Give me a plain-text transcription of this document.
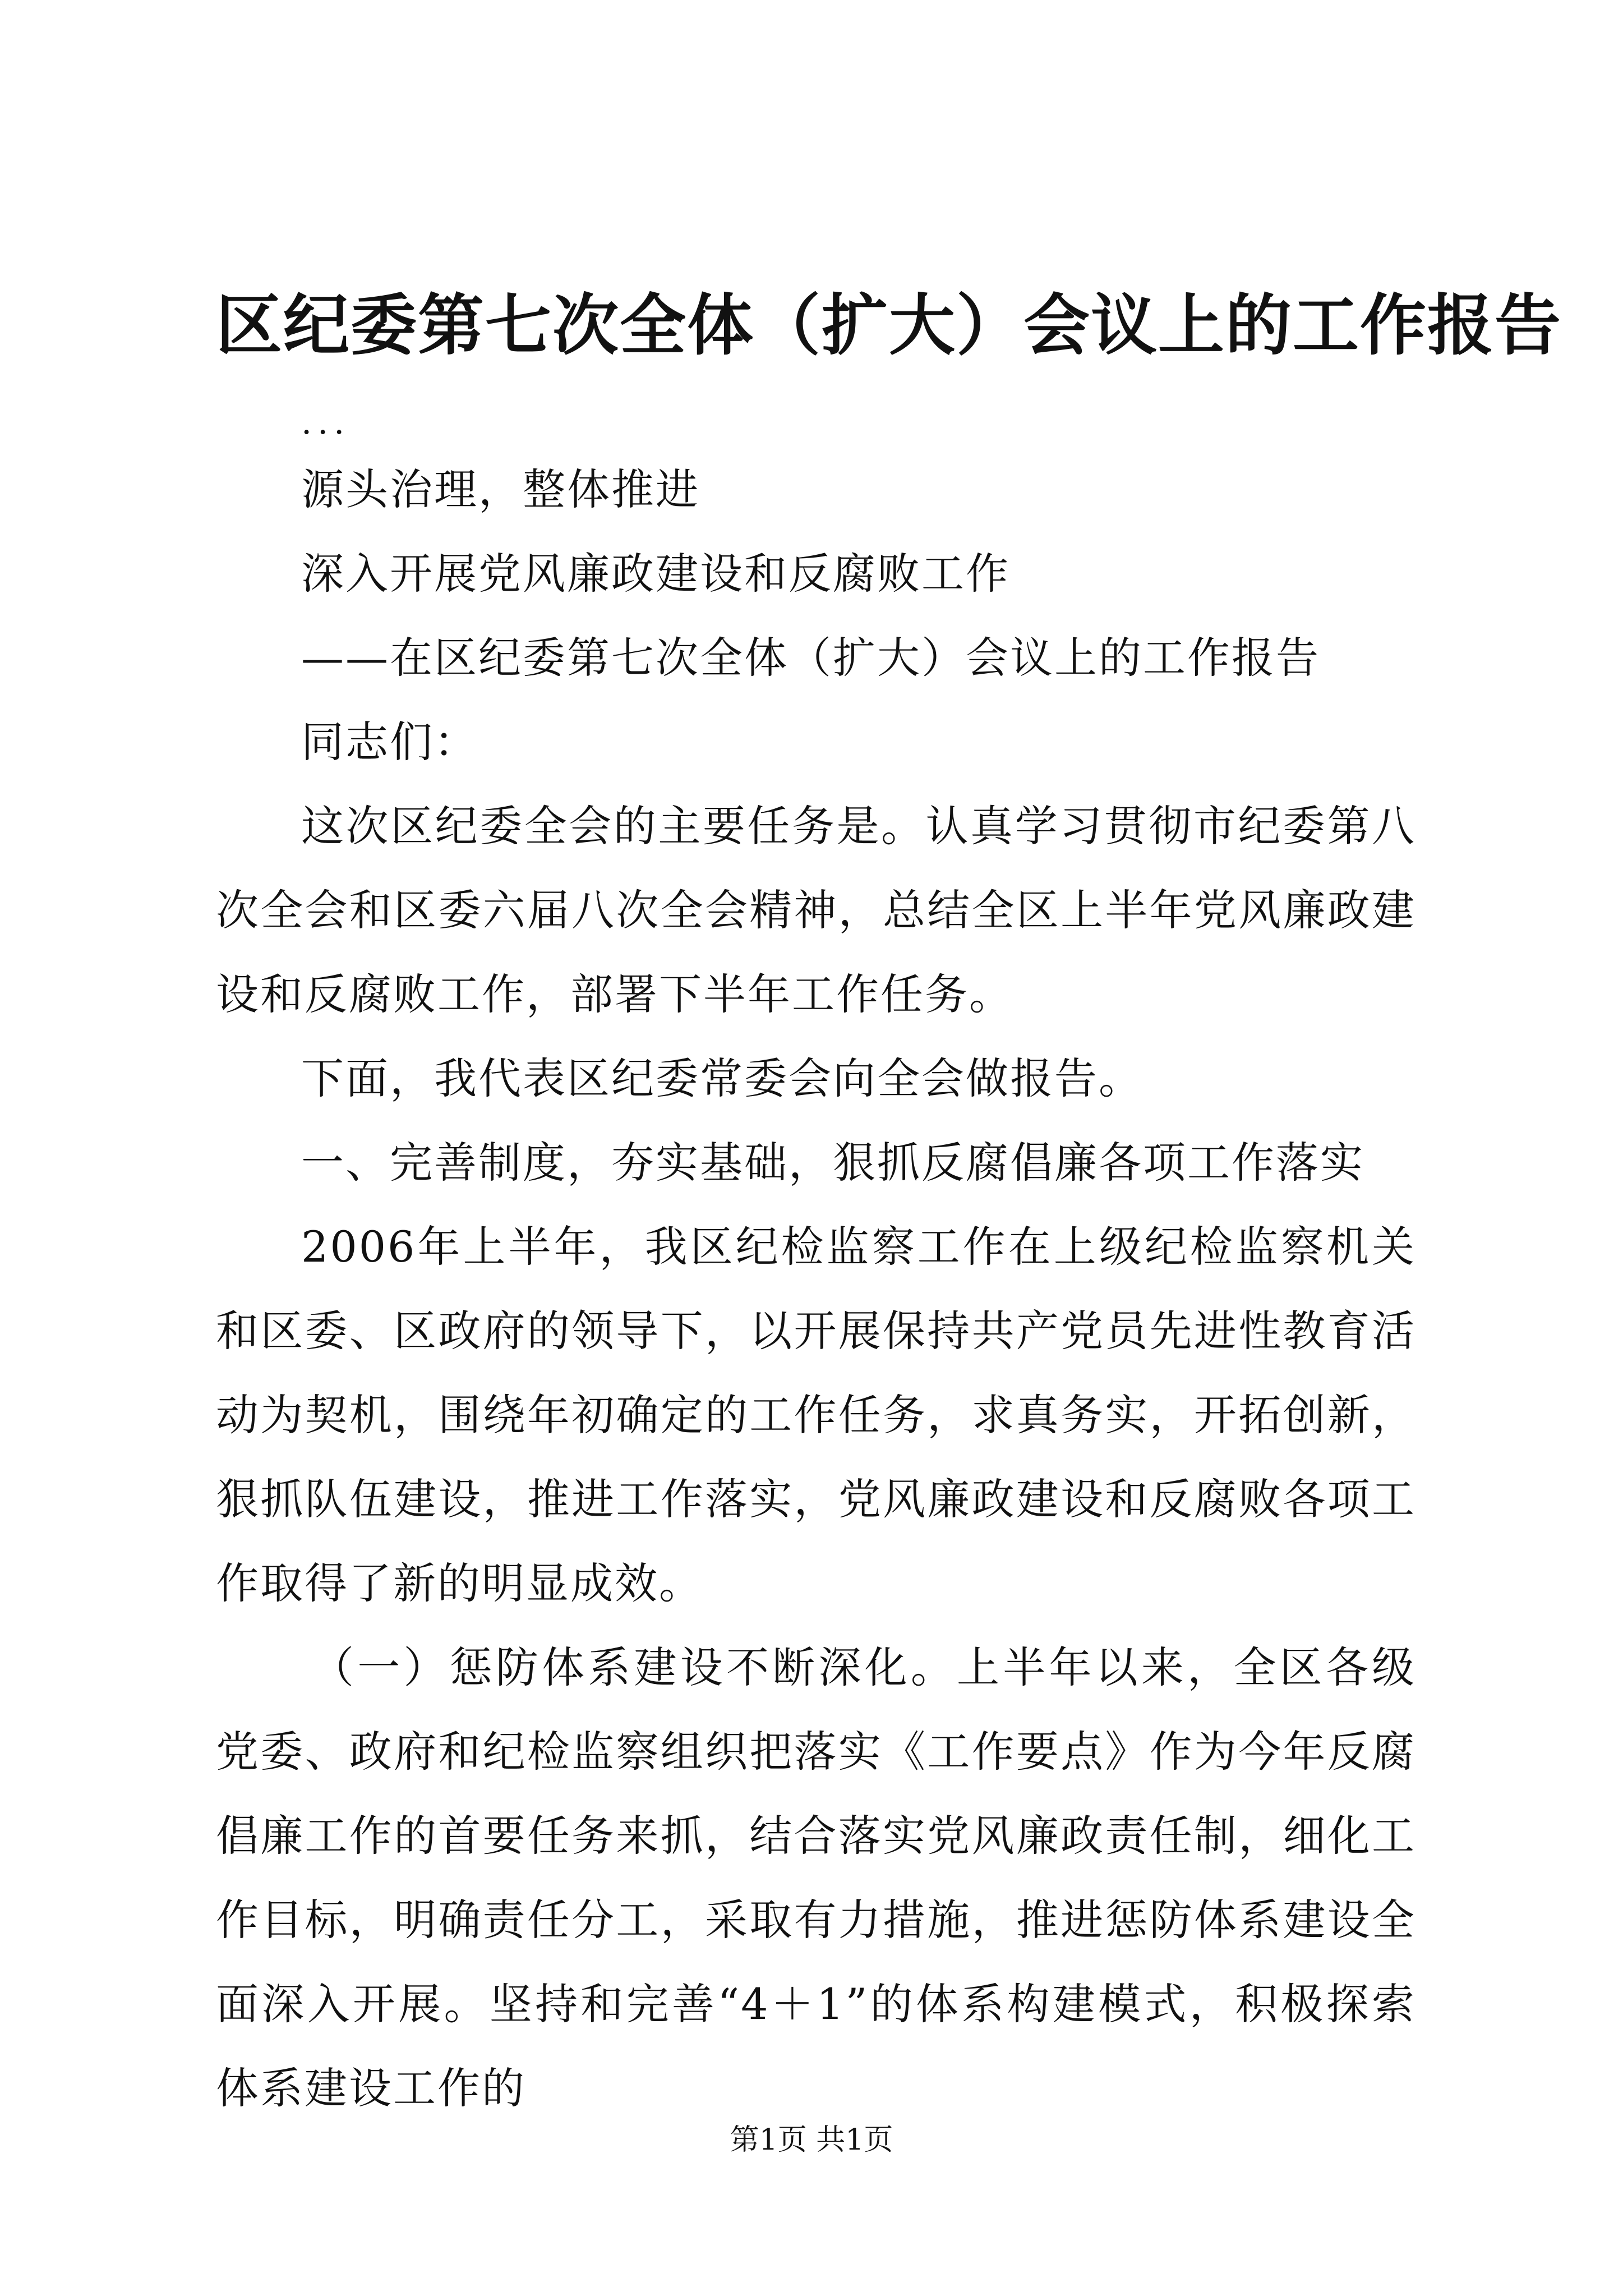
区纪委第七次全体（扩大）会议上的工作报告

...

源头治理，整体推进

深入开展党风廉政建设和反腐败工作

——在区纪委第七次全体（扩大）会议上的工作报告

同志们：

这次区纪委全会的主要任务是。认真学习贯彻市纪委第八次全会和区委六届八次全会精神，总结全区上半年党风廉政建设和反腐败工作，部署下半年工作任务。

下面，我代表区纪委常委会向全会做报告。

一、完善制度，夯实基础，狠抓反腐倡廉各项工作落实

2006年上半年，我区纪检监察工作在上级纪检监察机关和区委、区政府的领导下，以开展保持共产党员先进性教育活动为契机，围绕年初确定的工作任务，求真务实，开拓创新，狠抓队伍建设，推进工作落实，党风廉政建设和反腐败各项工作取得了新的明显成效。

（一）惩防体系建设不断深化。上半年以来，全区各级党委、政府和纪检监察组织把落实《工作要点》作为今年反腐倡廉工作的首要任务来抓，结合落实党风廉政责任制，细化工作目标，明确责任分工，采取有力措施，推进惩防体系建设全面深入开展。坚持和完善“4＋1”的体系构建模式，积极探索体系建设工作的

第1页 共1页
